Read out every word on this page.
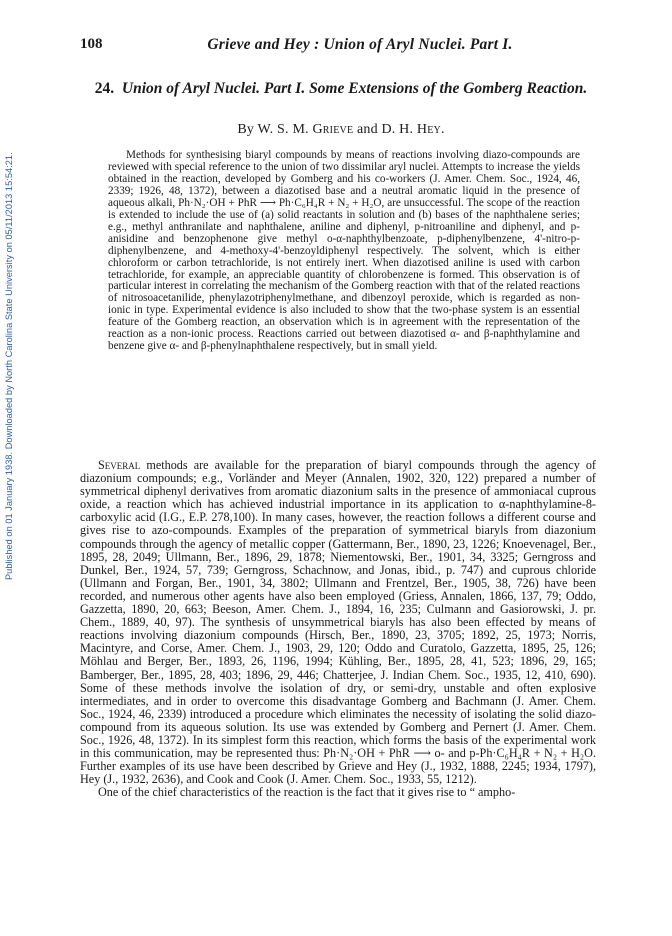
Published on 01 January 1938. Downloaded by North Carolina State University on 05/11/2013 15:54:21.
108	Grieve and Hey : Union of Aryl Nuclei. Part I.
24. Union of Aryl Nuclei. Part I. Some Extensions of the Gomberg Reaction.
By W. S. M. Grieve and D. H. Hey.

Methods for synthesising biaryl compounds by means of reactions involving diazo-compounds are reviewed with special reference to the union of two dissimilar aryl nuclei. Attempts to increase the yields obtained in the reaction, developed by Gomberg and his co-workers (J. Amer. Chem. Soc., 1924, 46, 2339; 1926, 48, 1372), between a diazotised base and a neutral aromatic liquid in the presence of aqueous alkali, Ph·N₂·OH + PhR ⟶ Ph·C₆H₄R + N₂ + H₂O, are unsuccessful. The scope of the reaction is extended to include the use of (a) solid reactants in solution and (b) bases of the naphthalene series; e.g., methyl anthranilate and naphthalene, aniline and diphenyl, p-nitroaniline and diphenyl, and p-anisidine and benzophenone give methyl o-α-naphthylbenzoate, p-diphenylbenzene, 4'-nitro-p-diphenylbenzene, and 4-methoxy-4'-benzoyldiphenyl respectively. The solvent, which is either chloroform or carbon tetrachloride, is not entirely inert. When diazotised aniline is used with carbon tetrachloride, for example, an appreciable quantity of chlorobenzene is formed. This observation is of particular interest in correlating the mechanism of the Gomberg reaction with that of the related reactions of nitrosoacetanilide, phenylazotriphenylmethane, and dibenzoyl peroxide, which is regarded as non-ionic in type. Experimental evidence is also included to show that the two-phase system is an essential feature of the Gomberg reaction, an observation which is in agreement with the representation of the reaction as a non-ionic process. Reactions carried out between diazotised α- and β-naphthylamine and benzene give α- and β-phenylnaphthalene respectively, but in small yield.

Several methods are available for the preparation of biaryl compounds through the agency of diazonium compounds; e.g., Vorländer and Meyer (Annalen, 1902, 320, 122) prepared a number of symmetrical diphenyl derivatives from aromatic diazonium salts in the presence of ammoniacal cuprous oxide, a reaction which has achieved industrial importance in its application to α-naphthylamine-8-carboxylic acid (I.G., E.P. 278,100). In many cases, however, the reaction follows a different course and gives rise to azo-compounds. Examples of the preparation of symmetrical biaryls from diazonium compounds through the agency of metallic copper (Gattermann, Ber., 1890, 23, 1226; Knoevenagel, Ber., 1895, 28, 2049; Ullmann, Ber., 1896, 29, 1878; Niementowski, Ber., 1901, 34, 3325; Gerngross and Dunkel, Ber., 1924, 57, 739; Gerngross, Schachnow, and Jonas, ibid., p. 747) and cuprous chloride (Ullmann and Forgan, Ber., 1901, 34, 3802; Ullmann and Frentzel, Ber., 1905, 38, 726) have been recorded, and numerous other agents have also been employed (Griess, Annalen, 1866, 137, 79; Oddo, Gazzetta, 1890, 20, 663; Beeson, Amer. Chem. J., 1894, 16, 235; Culmann and Gasiorowski, J. pr. Chem., 1889, 40, 97). The synthesis of unsymmetrical biaryls has also been effected by means of reactions involving diazonium compounds (Hirsch, Ber., 1890, 23, 3705; 1892, 25, 1973; Norris, Macintyre, and Corse, Amer. Chem. J., 1903, 29, 120; Oddo and Curatolo, Gazzetta, 1895, 25, 126; Möhlau and Berger, Ber., 1893, 26, 1196, 1994; Kühling, Ber., 1895, 28, 41, 523; 1896, 29, 165; Bamberger, Ber., 1895, 28, 403; 1896, 29, 446; Chatterjee, J. Indian Chem. Soc., 1935, 12, 410, 690). Some of these methods involve the isolation of dry, or semi-dry, unstable and often explosive intermediates, and in order to overcome this disadvantage Gomberg and Bachmann (J. Amer. Chem. Soc., 1924, 46, 2339) introduced a procedure which eliminates the necessity of isolating the solid diazo-compound from its aqueous solution. Its use was extended by Gomberg and Pernert (J. Amer. Chem. Soc., 1926, 48, 1372). In its simplest form this reaction, which forms the basis of the experimental work in this communication, may be represented thus: Ph·N₂·OH + PhR ⟶ o- and p-Ph·C₆H₄R + N₂ + H₂O. Further examples of its use have been described by Grieve and Hey (J., 1932, 1888, 2245; 1934, 1797), Hey (J., 1932, 2636), and Cook and Cook (J. Amer. Chem. Soc., 1933, 55, 1212).

One of the chief characteristics of the reaction is the fact that it gives rise to “ ampho-
